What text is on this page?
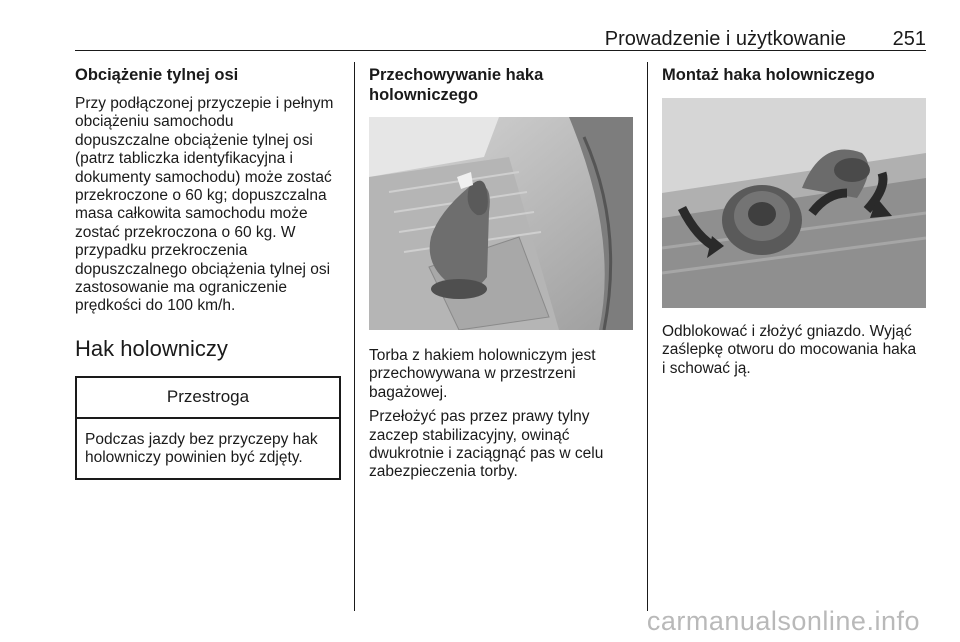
Prowadzenie i użytkowanie 251
Obciążenie tylnej osi

Przy podłączonej przyczepie i pełnym
obciążeniu samochodu
dopuszczalne obciążenie tylnej osi
(patrz tabliczka identyfikacyjna i
dokumenty samochodu) może zostać
przekroczone o 60 kg; dopuszczalna
masa całkowita samochodu może
zostać przekroczona o 60 kg. W
przypadku przekroczenia
dopuszczalnego obciążenia tylnej osi
zastosowanie ma ograniczenie
prędkości do 100 km/h.

Hak holowniczy
Przestroga
Podczas jazdy bez przyczepy hak
holowniczy powinien być zdjęty.
Przechowywanie haka
holowniczego

Torba z hakiem holowniczym jest
przechowywana w przestrzeni
bagażowej.

Przełożyć pas przez prawy tylny
zaczep stabilizacyjny, owinąć
dwukrotnie i zaciągnąć pas w celu
zabezpieczenia torby.

Montaż haka holowniczego

Odblokować i złożyć gniazdo. Wyjąć
zaślepkę otworu do mocowania haka
i schować ją.

carmanualsonline.info
